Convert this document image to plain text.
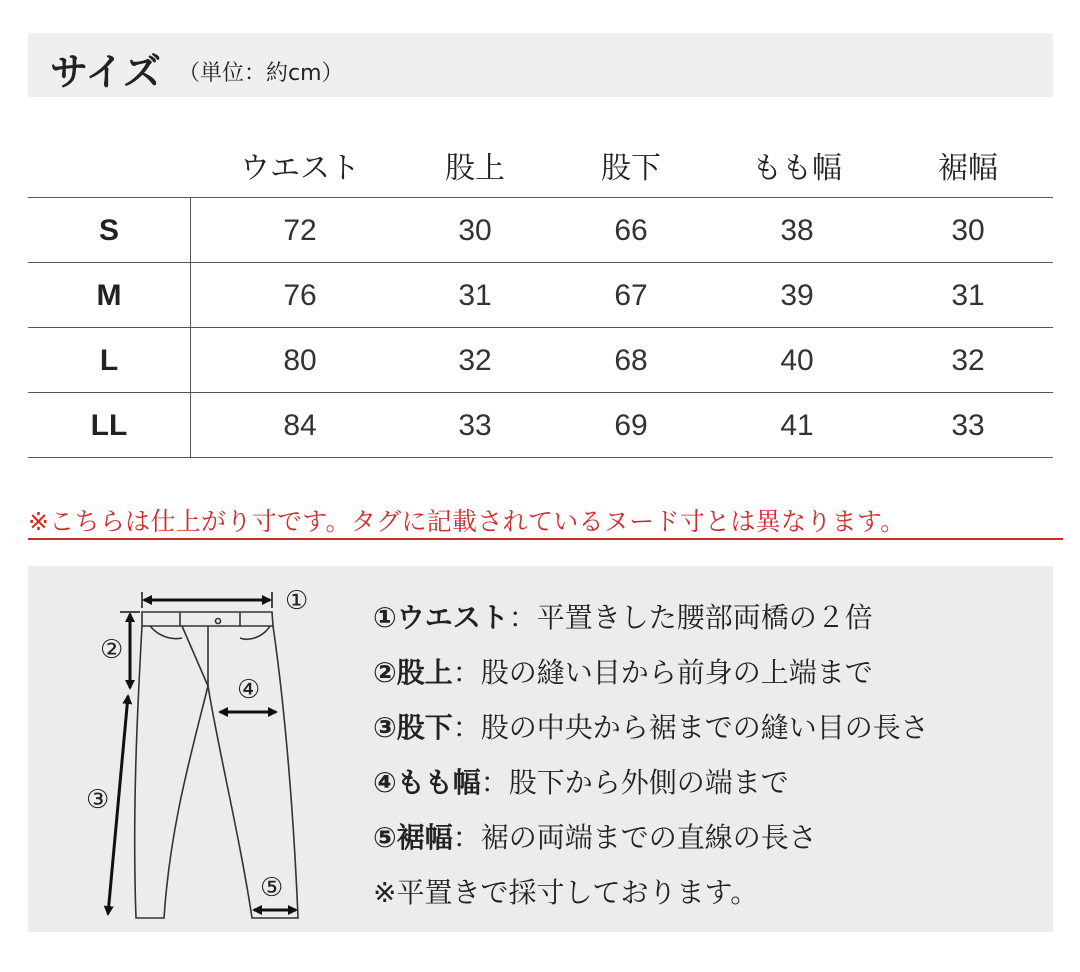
サイズ （単位：約cm）
ウエスト	股上	股下	もも幅	裾幅
S	72	30	66	38	30
M	76	31	67	39	31
L	80	32	68	40	32
LL	84	33	69	41	33
※こちらは仕上がり寸です。タグに記載されているヌード寸とは異なります。
①
②
③
④
⑤
①ウエスト：平置きした腰部両橋の２倍
②股上：股の縫い目から前身の上端まで
③股下：股の中央から裾までの縫い目の長さ
④もも幅：股下から外側の端まで
⑤裾幅：裾の両端までの直線の長さ
※平置きで採寸しております。
